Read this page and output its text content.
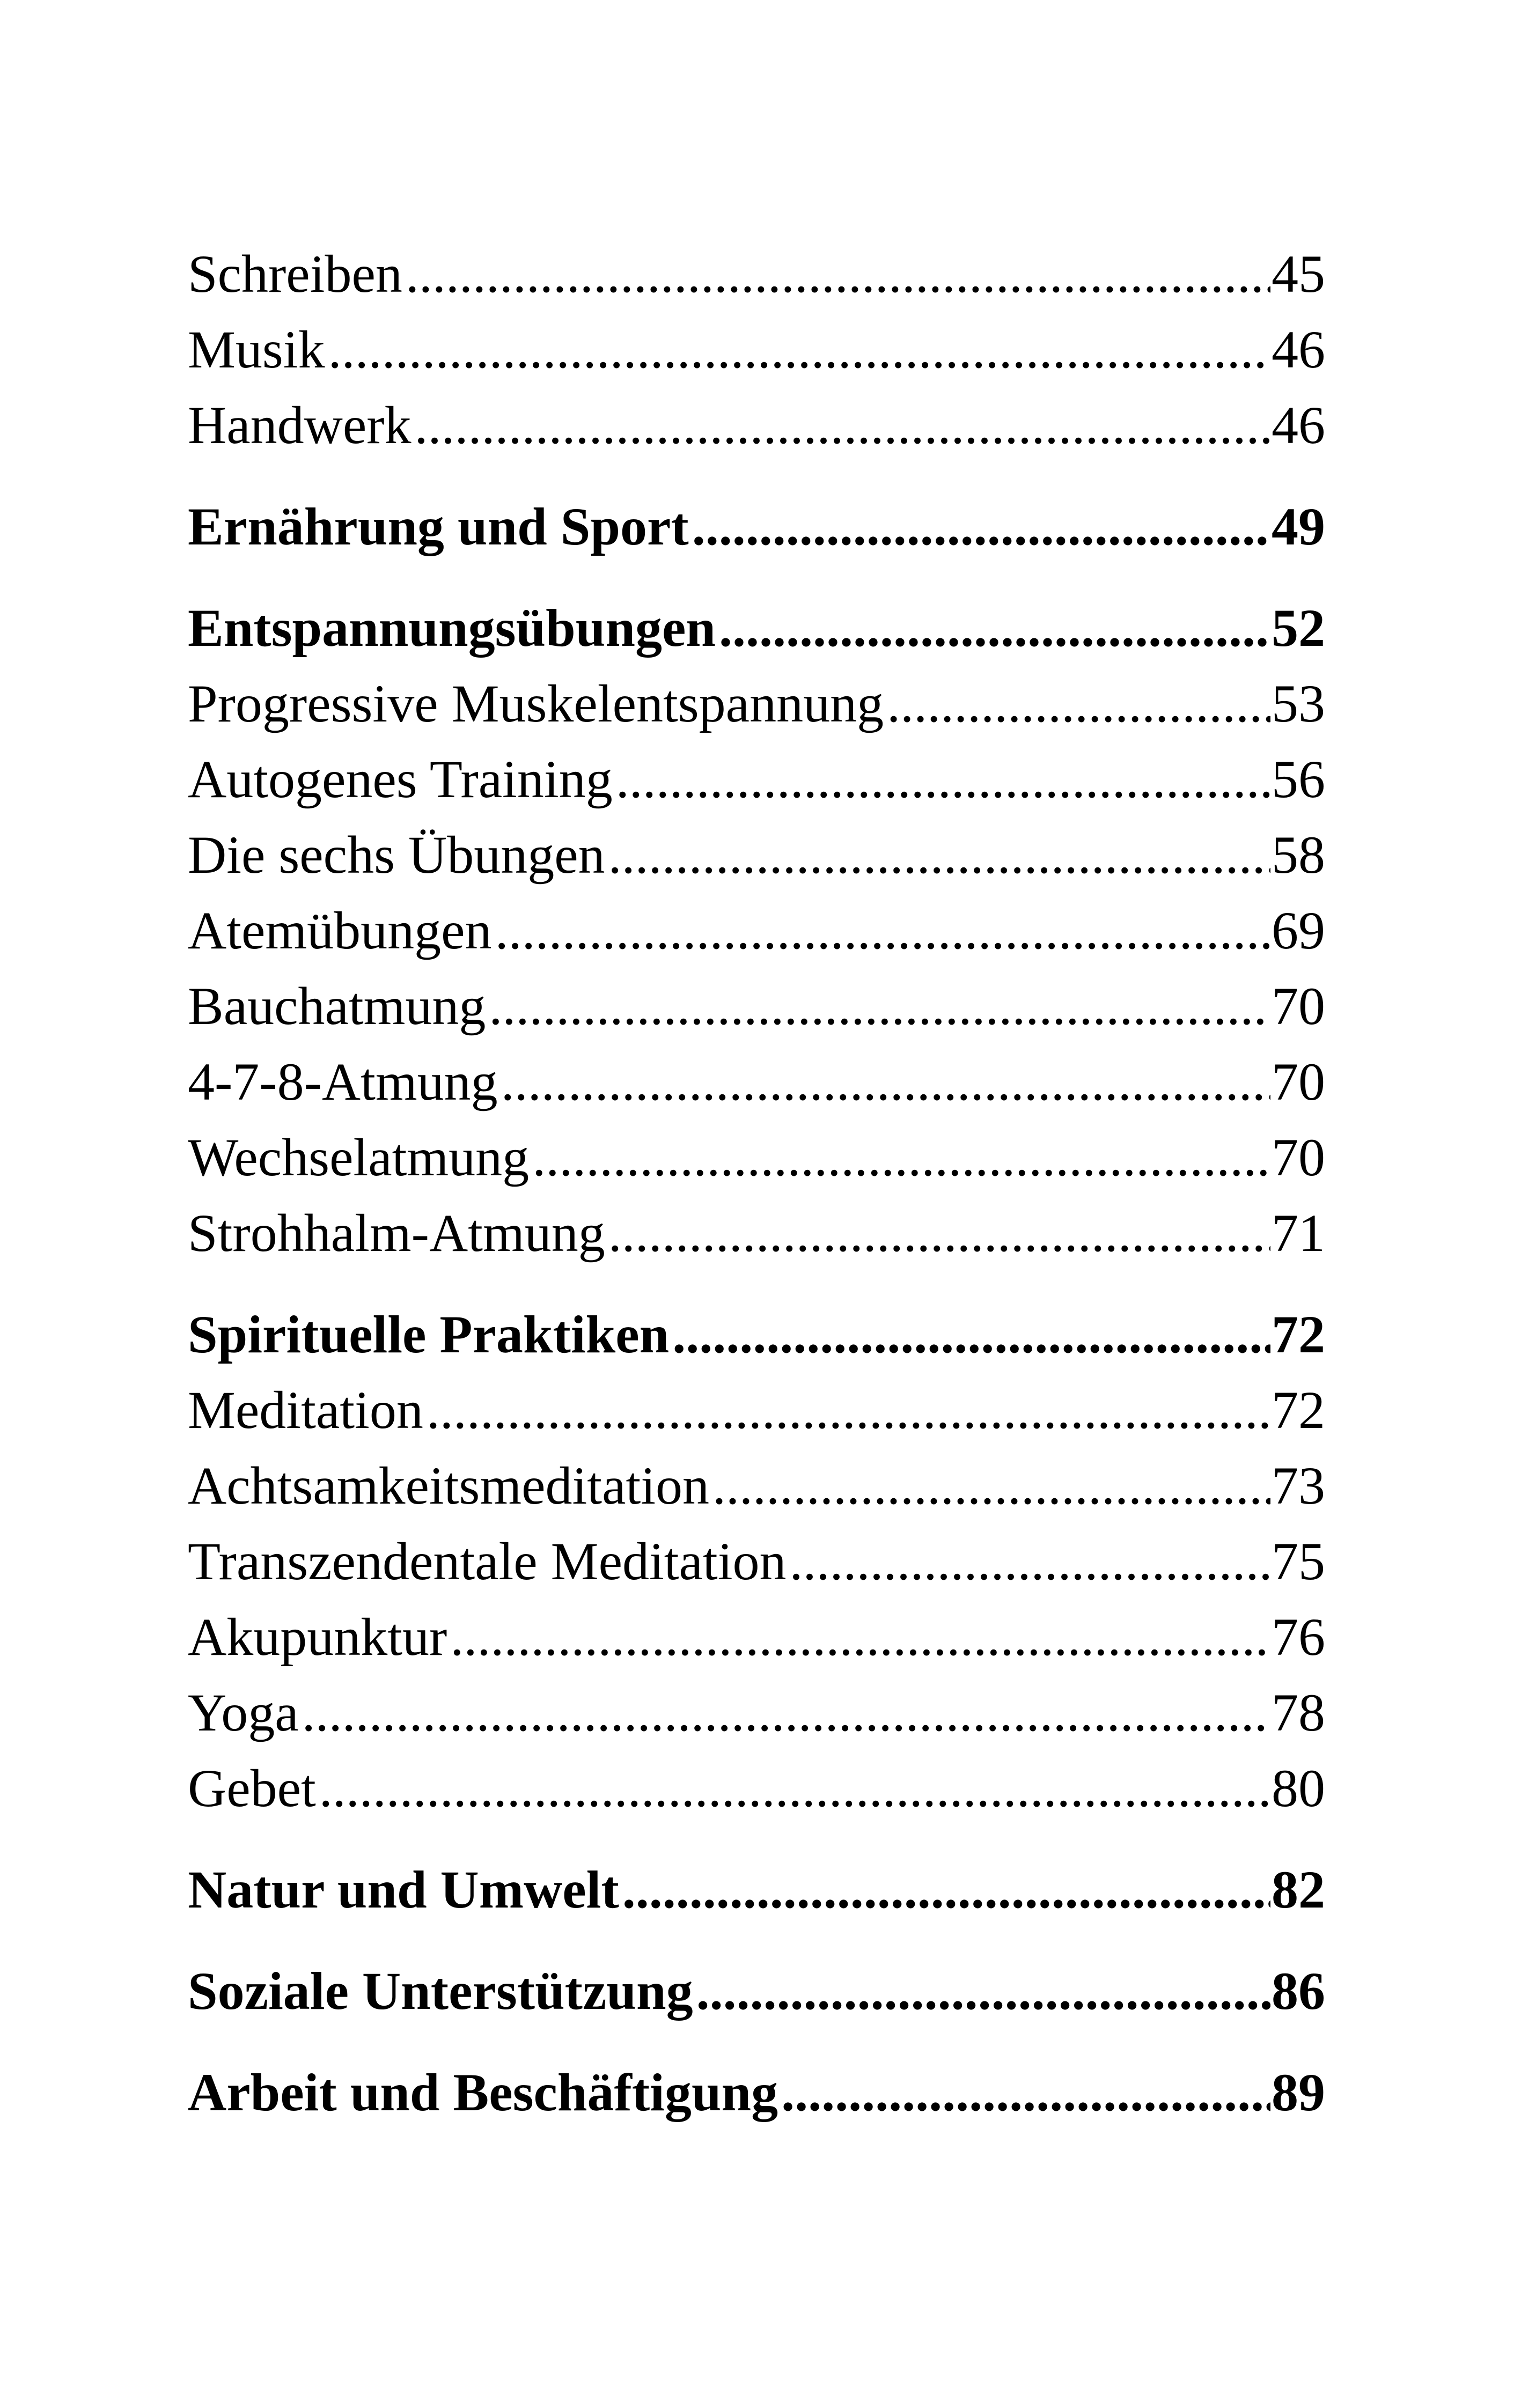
Schreiben .....	45
Musik .....	46
Handwerk .....	46
Ernährung und Sport .....	49
Entspannungsübungen .....	52
Progressive Muskelentspannung .....	53
Autogenes Training .....	56
Die sechs Übungen .....	58
Atemübungen .....	69
Bauchatmung .....	70
4-7-8-Atmung .....	70
Wechselatmung .....	70
Strohhalm-Atmung .....	71
Spirituelle Praktiken .....	72
Meditation .....	72
Achtsamkeitsmeditation .....	73
Transzendentale Meditation .....	75
Akupunktur .....	76
Yoga .....	78
Gebet .....	80
Natur und Umwelt .....	82
Soziale Unterstützung .....	86
Arbeit und Beschäftigung .....	89
